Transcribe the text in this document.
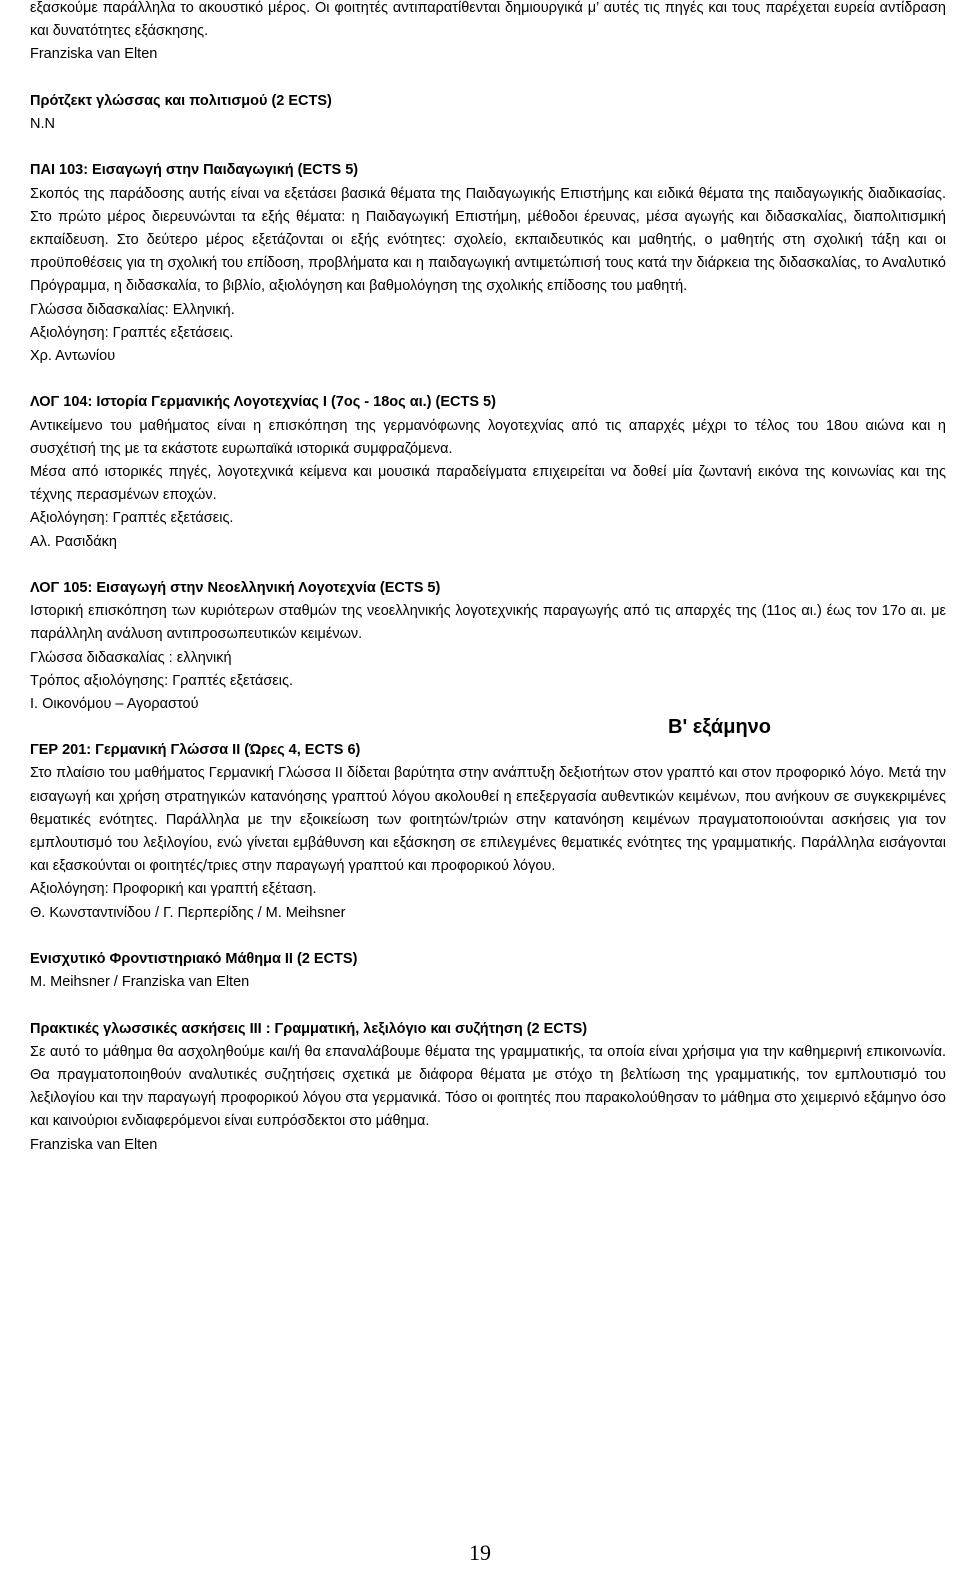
εξασκούμε παράλληλα το ακουστικό μέρος. Οι φοιτητές αντιπαρατίθενται δημιουργικά μ’ αυτές τις πηγές και τους παρέχεται ευρεία αντίδραση και δυνατότητες εξάσκησης.

Franziska van Elten

Πρότζεκτ γλώσσας και πολιτισμού (2 ECTS)

Ν.Ν

ΠΑΙ 103: Εισαγωγή στην Παιδαγωγική (ECTS 5)

Σκοπός της παράδοσης αυτής είναι να εξετάσει βασικά θέματα της Παιδαγωγικής Επιστήμης και ειδικά θέματα της παιδαγωγικής διαδικασίας. Στο πρώτο μέρος διερευνώνται τα εξής θέματα: η Παιδαγωγική Επιστήμη, μέθοδοι έρευνας, μέσα αγωγής και διδασκαλίας, διαπολιτισμική εκπαίδευση. Στο δεύτερο μέρος εξετάζονται οι εξής ενότητες: σχολείο, εκπαιδευτικός και μαθητής, ο μαθητής στη σχολική τάξη και οι προϋποθέσεις για τη σχολική του επίδοση, προβλήματα και η παιδαγωγική αντιμετώπισή τους κατά την διάρκεια της διδασκαλίας, το Αναλυτικό Πρόγραμμα, η διδασκαλία, το βιβλίο, αξιολόγηση και βαθμολόγηση της σχολικής επίδοσης του μαθητή.

Γλώσσα διδασκαλίας: Ελληνική.

Αξιολόγηση: Γραπτές εξετάσεις.

Χρ. Αντωνίου

ΛΟΓ 104: Ιστορία Γερμανικής Λογοτεχνίας Ι (7ος - 18ος αι.) (ECTS 5)

Αντικείμενο του μαθήματος είναι η επισκόπηση της γερμανόφωνης λογοτεχνίας από τις απαρχές μέχρι το τέλος του 18ου αιώνα και η συσχέτισή της με τα εκάστοτε ευρωπαϊκά ιστορικά συμφραζόμενα.

Μέσα από ιστορικές πηγές, λογοτεχνικά κείμενα και μουσικά παραδείγματα επιχειρείται να δοθεί μία ζωντανή εικόνα της κοινωνίας και της τέχνης περασμένων εποχών.

Αξιολόγηση: Γραπτές εξετάσεις.

Αλ. Ρασιδάκη

ΛΟΓ 105: Εισαγωγή στην Νεοελληνική Λογοτεχνία (ECTS 5)

Ιστορική επισκόπηση των κυριότερων σταθμών της νεοελληνικής λογοτεχνικής παραγωγής από τις απαρχές της (11ος αι.) έως τον 17ο αι. με παράλληλη ανάλυση αντιπροσωπευτικών κειμένων.

Γλώσσα διδασκαλίας : ελληνική

Τρόπος αξιολόγησης: Γραπτές εξετάσεις.

Ι. Οικονόμου – Αγοραστού

Β' εξάμηνο

ΓΕΡ 201: Γερμανική Γλώσσα ΙΙ (Ώρες 4, ECTS 6)

Στο πλαίσιο του μαθήματος Γερμανική Γλώσσα ΙΙ δίδεται βαρύτητα στην ανάπτυξη δεξιοτήτων στον γραπτό και στον προφορικό λόγο. Μετά την εισαγωγή και χρήση στρατηγικών κατανόησης γραπτού λόγου ακολουθεί η επεξεργασία αυθεντικών κειμένων, που ανήκουν σε συγκεκριμένες θεματικές ενότητες. Παράλληλα με την εξοικείωση των φοιτητών/τριών στην κατανόηση κειμένων πραγματοποιούνται ασκήσεις για τον εμπλουτισμό του λεξιλογίου, ενώ γίνεται εμβάθυνση και εξάσκηση σε επιλεγμένες θεματικές ενότητες της γραμματικής. Παράλληλα εισάγονται και εξασκούνται οι φοιτητές/τριες στην παραγωγή γραπτού και προφορικού λόγου.

Αξιολόγηση: Προφορική και γραπτή εξέταση.

Θ. Κωνσταντινίδου / Γ. Περπερίδης / Μ. Meihsner

Ενισχυτικό Φροντιστηριακό Μάθημα ΙΙ (2 ECTS)

Μ. Meihsner / Franziska van Elten

Πρακτικές γλωσσικές ασκήσεις ΙΙΙ : Γραμματική, λεξιλόγιο και συζήτηση (2 ECTS)

Σε αυτό το μάθημα θα ασχοληθούμε και/ή θα επαναλάβουμε θέματα της γραμματικής, τα οποία είναι χρήσιμα για την καθημερινή επικοινωνία. Θα πραγματοποιηθούν αναλυτικές συζητήσεις σχετικά με διάφορα θέματα με στόχο τη βελτίωση της γραμματικής, τον εμπλουτισμό του λεξιλογίου και την παραγωγή προφορικού λόγου στα γερμανικά. Τόσο οι φοιτητές που παρακολούθησαν το μάθημα στο χειμερινό εξάμηνο όσο και καινούριοι ενδιαφερόμενοι είναι ευπρόσδεκτοι στο μάθημα.

Franziska van Elten

19
